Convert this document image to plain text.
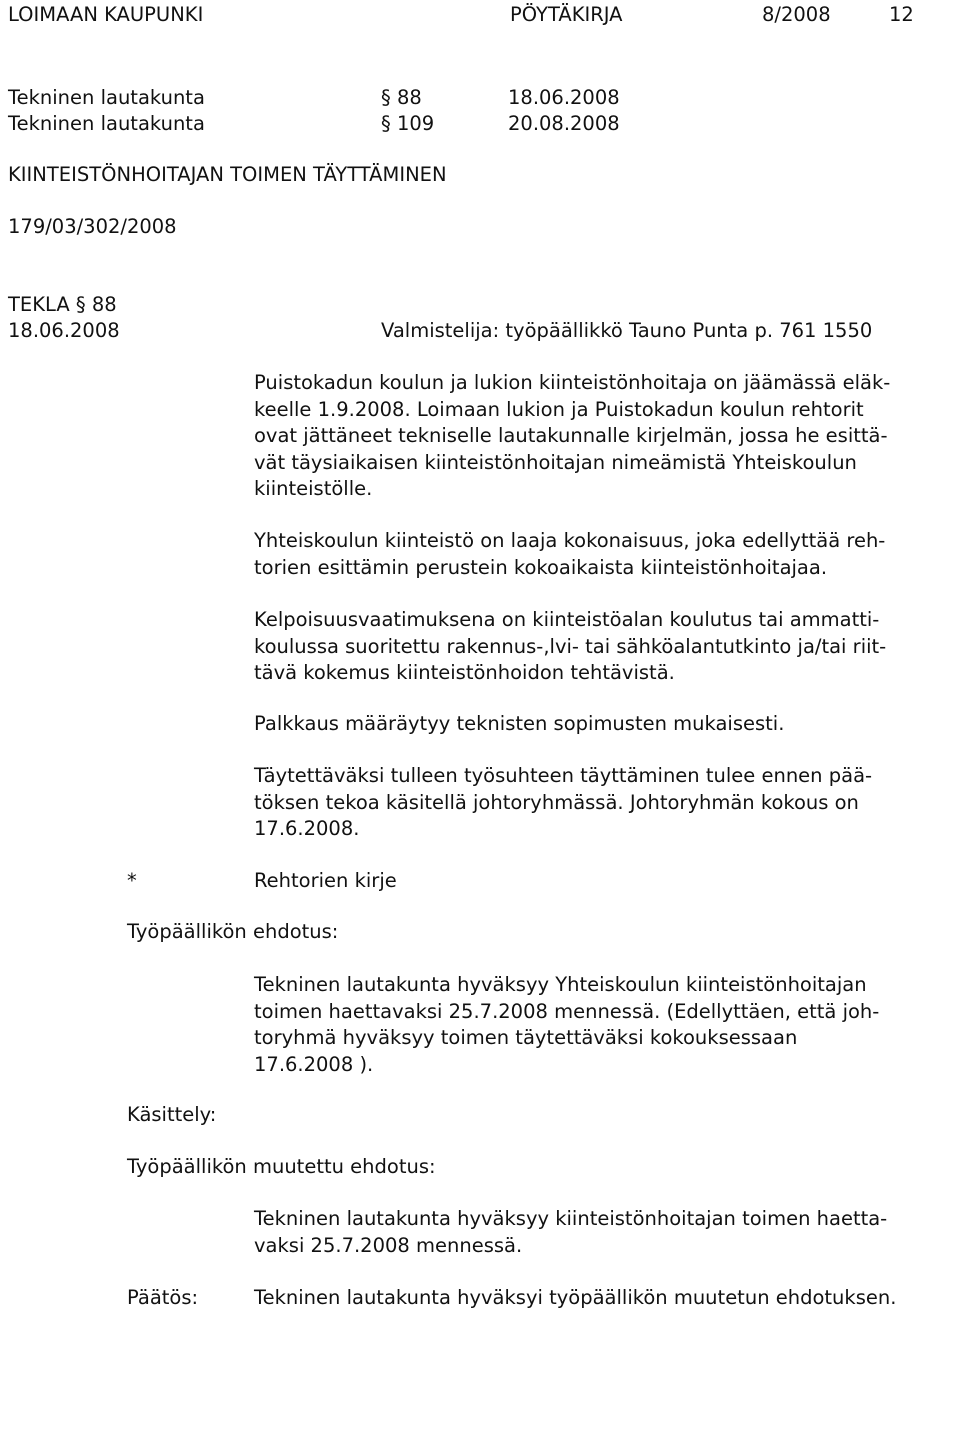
LOIMAAN KAUPUNKI	PÖYTÄKIRJA	8/2008	12
Tekninen lautakunta	§ 88	18.06.2008
Tekninen lautakunta	§ 109	20.08.2008
KIINTEISTÖNHOITAJAN TOIMEN TÄYTTÄMINEN
179/03/302/2008
TEKLA § 88
18.06.2008	Valmistelija: työpäällikkö Tauno Punta p. 761 1550
Puistokadun koulun ja lukion kiinteistönhoitaja on jäämässä eläk-
keelle 1.9.2008. Loimaan lukion ja Puistokadun koulun rehtorit
ovat jättäneet tekniselle lautakunnalle kirjelmän, jossa he esittä-
vät täysiaikaisen kiinteistönhoitajan nimeämistä Yhteiskoulun
kiinteistölle.
Yhteiskoulun kiinteistö on laaja kokonaisuus, joka edellyttää reh-
torien esittämin perustein kokoaikaista kiinteistönhoitajaa.
Kelpoisuusvaatimuksena on kiinteistöalan koulutus tai ammatti-
koulussa suoritettu rakennus-,lvi- tai sähköalantutkinto ja/tai riit-
tävä kokemus kiinteistönhoidon tehtävistä.
Palkkaus määräytyy teknisten sopimusten mukaisesti.
Täytettäväksi tulleen työsuhteen täyttäminen tulee ennen pää-
töksen tekoa käsitellä johtoryhmässä. Johtoryhmän kokous on
17.6.2008.
*	Rehtorien kirje
Työpäällikön ehdotus:
Tekninen lautakunta hyväksyy Yhteiskoulun kiinteistönhoitajan
toimen haettavaksi 25.7.2008 mennessä. (Edellyttäen, että joh-
toryhmä hyväksyy toimen täytettäväksi kokouksessaan
17.6.2008 ).
Käsittely:
Työpäällikön muutettu ehdotus:
Tekninen lautakunta hyväksyy kiinteistönhoitajan toimen haetta-
vaksi 25.7.2008 mennessä.
Päätös:	Tekninen lautakunta hyväksyi työpäällikön muutetun ehdotuksen.
